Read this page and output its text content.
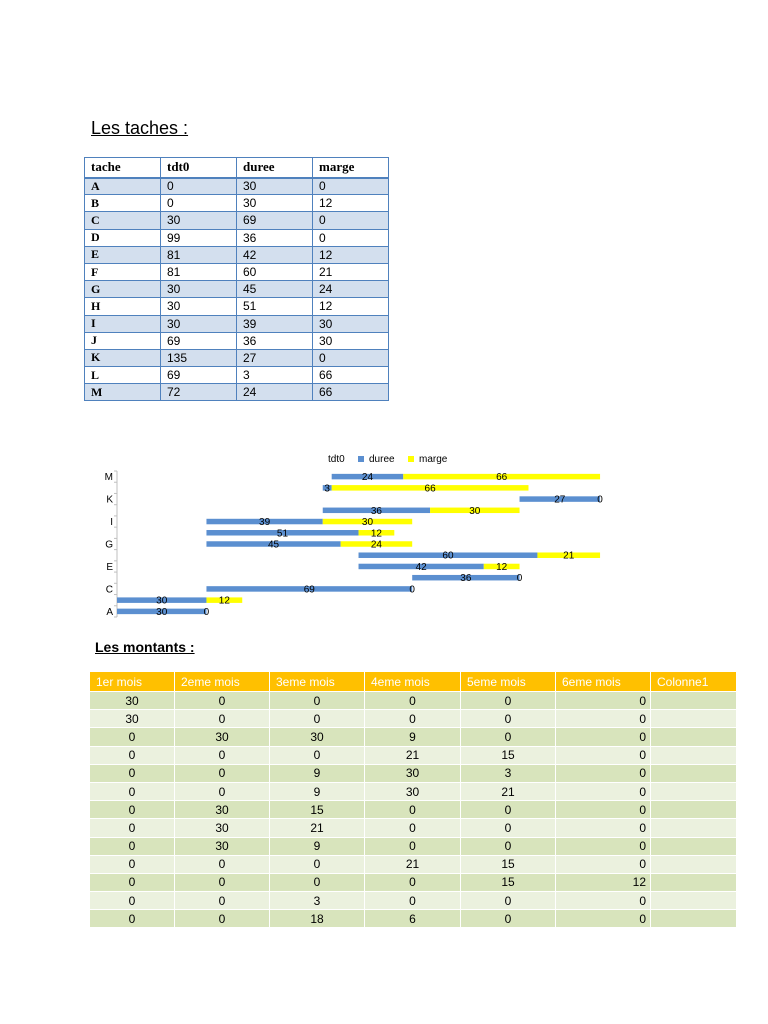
Les taches :
tache	tdt0	duree	marge
A	0	30	0
B	0	30	12
C	30	69	0
D	99	36	0
E	81	42	12
F	81	60	21
G	30	45	24
H	30	51	12
I	30	39	30
J	69	36	30
K	135	27	0
L	69	3	66
M	72	24	66
tdt0 duree marge
30	0
30	12
69	0
36	0
42	12
60	21
45	24
51	12
39	30
36	30
27	0
3	66
24	66
A
C
E
G
I
K
M
Les montants :
1er mois	2eme mois	3eme mois	4eme mois	5eme mois	6eme mois	Colonne1
30	0	0	0	0	0	
30	0	0	0	0	0	
0	30	30	9	0	0	
0	0	0	21	15	0	
0	0	9	30	3	0	
0	0	9	30	21	0	
0	30	15	0	0	0	
0	30	21	0	0	0	
0	30	9	0	0	0	
0	0	0	21	15	0	
0	0	0	0	15	12	
0	0	3	0	0	0	
0	0	18	6	0	0	
